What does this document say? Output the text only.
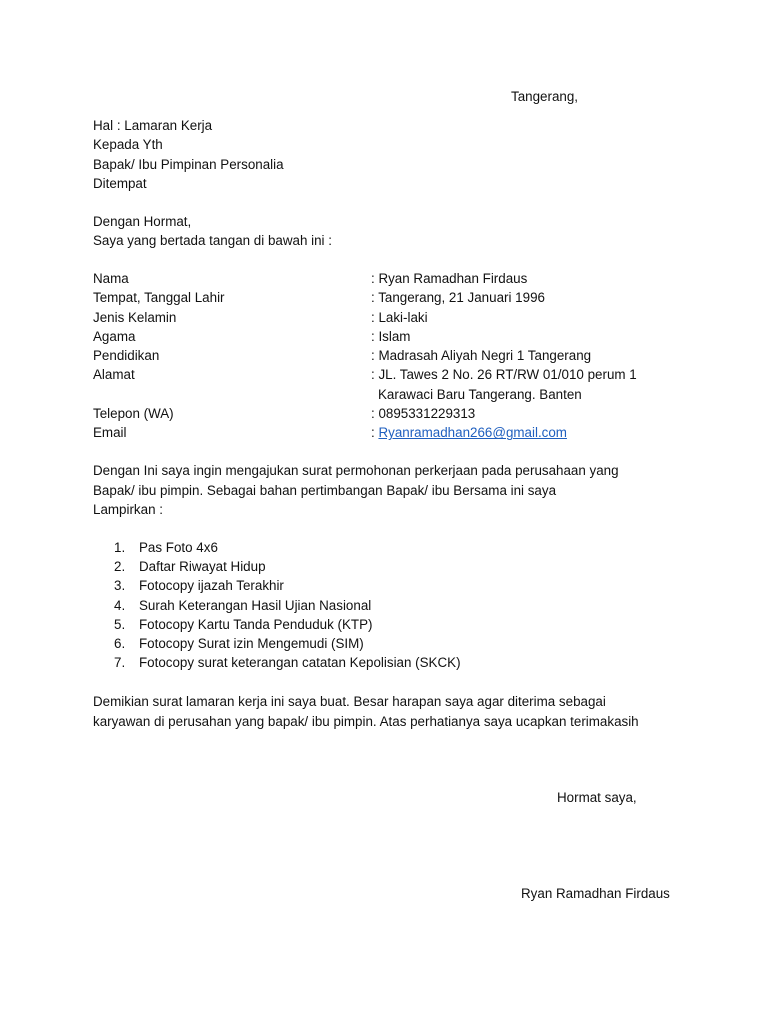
Tangerang,
Hal : Lamaran Kerja
Kepada Yth
Bapak/ Ibu Pimpinan Personalia
Ditempat
Dengan Hormat,
Saya yang bertada tangan di bawah ini :
Nama	: Ryan Ramadhan Firdaus
Tempat, Tanggal Lahir	: Tangerang, 21 Januari 1996
Jenis Kelamin	: Laki-laki
Agama	: Islam
Pendidikan	: Madrasah Aliyah Negri 1 Tangerang
Alamat	: JL. Tawes 2 No. 26 RT/RW 01/010 perum 1
Karawaci Baru Tangerang. Banten
Telepon (WA)	: 0895331229313
Email	: Ryanramadhan266@gmail.com
Dengan Ini saya ingin mengajukan surat permohonan perkerjaan pada perusahaan yang
Bapak/ ibu pimpin. Sebagai bahan pertimbangan Bapak/ ibu Bersama ini saya
Lampirkan :
1.	Pas Foto 4x6
2.	Daftar Riwayat Hidup
3.	Fotocopy ijazah Terakhir
4.	Surah Keterangan Hasil Ujian Nasional
5.	Fotocopy Kartu Tanda Penduduk (KTP)
6.	Fotocopy Surat izin Mengemudi (SIM)
7.	Fotocopy surat keterangan catatan Kepolisian (SKCK)
Demikian surat lamaran kerja ini saya buat. Besar harapan saya agar diterima sebagai
karyawan di perusahan yang bapak/ ibu pimpin. Atas perhatianya saya ucapkan terimakasih
Hormat saya,
Ryan Ramadhan Firdaus
